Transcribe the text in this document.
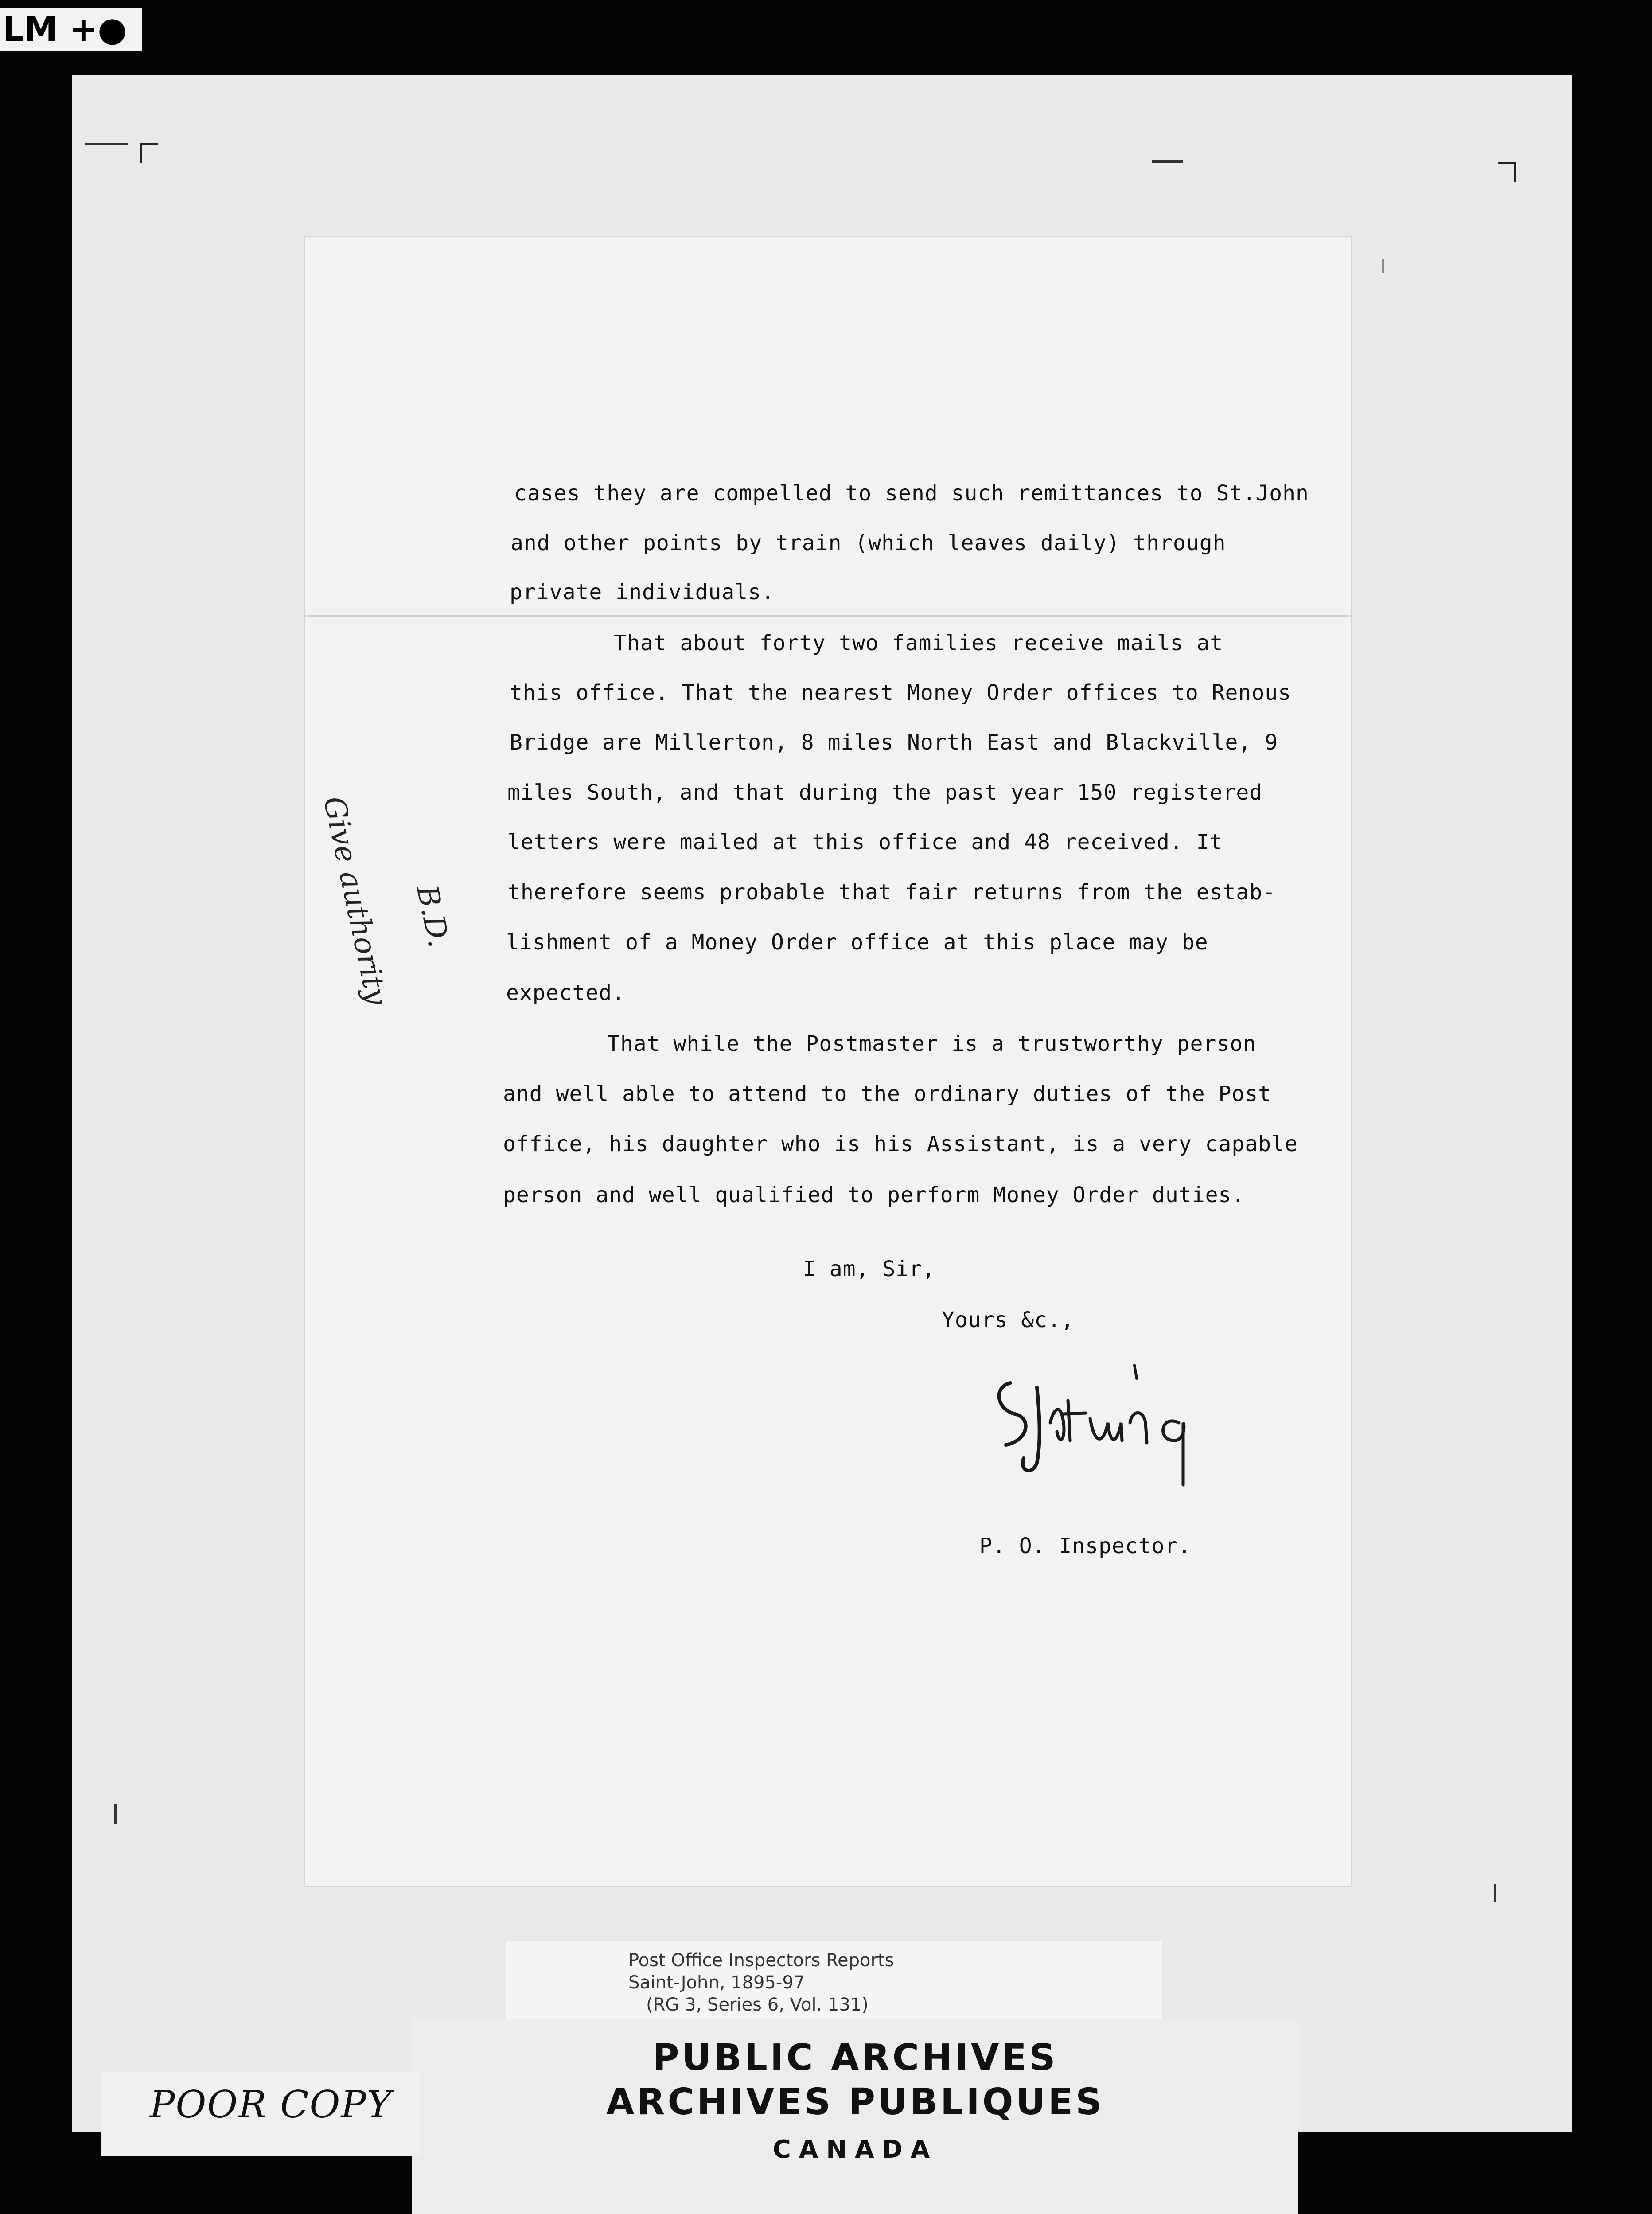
LM +●
cases they are compelled to send such remittances to St.John
and other points by train (which leaves daily) through
private individuals.
That about forty two families receive mails at
this office. That the nearest Money Order offices to Renous
Bridge are Millerton, 8 miles North East and Blackville, 9
miles South, and that during the past year 150 registered
letters were mailed at this office and 48 received. It
therefore seems probable that fair returns from the estab-
lishment of a Money Order office at this place may be
expected.
That while the Postmaster is a trustworthy person
and well able to attend to the ordinary duties of the Post
office, his daughter who is his Assistant, is a very capable
person and well qualified to perform Money Order duties.
I am, Sir,
Yours &c.,
P. O. Inspector.
Give authority B.D.
Post Office Inspectors Reports
Saint-John, 1895-97
(RG 3, Series 6, Vol. 131)
PUBLIC ARCHIVES
ARCHIVES PUBLIQUES
CANADA
POOR COPY
